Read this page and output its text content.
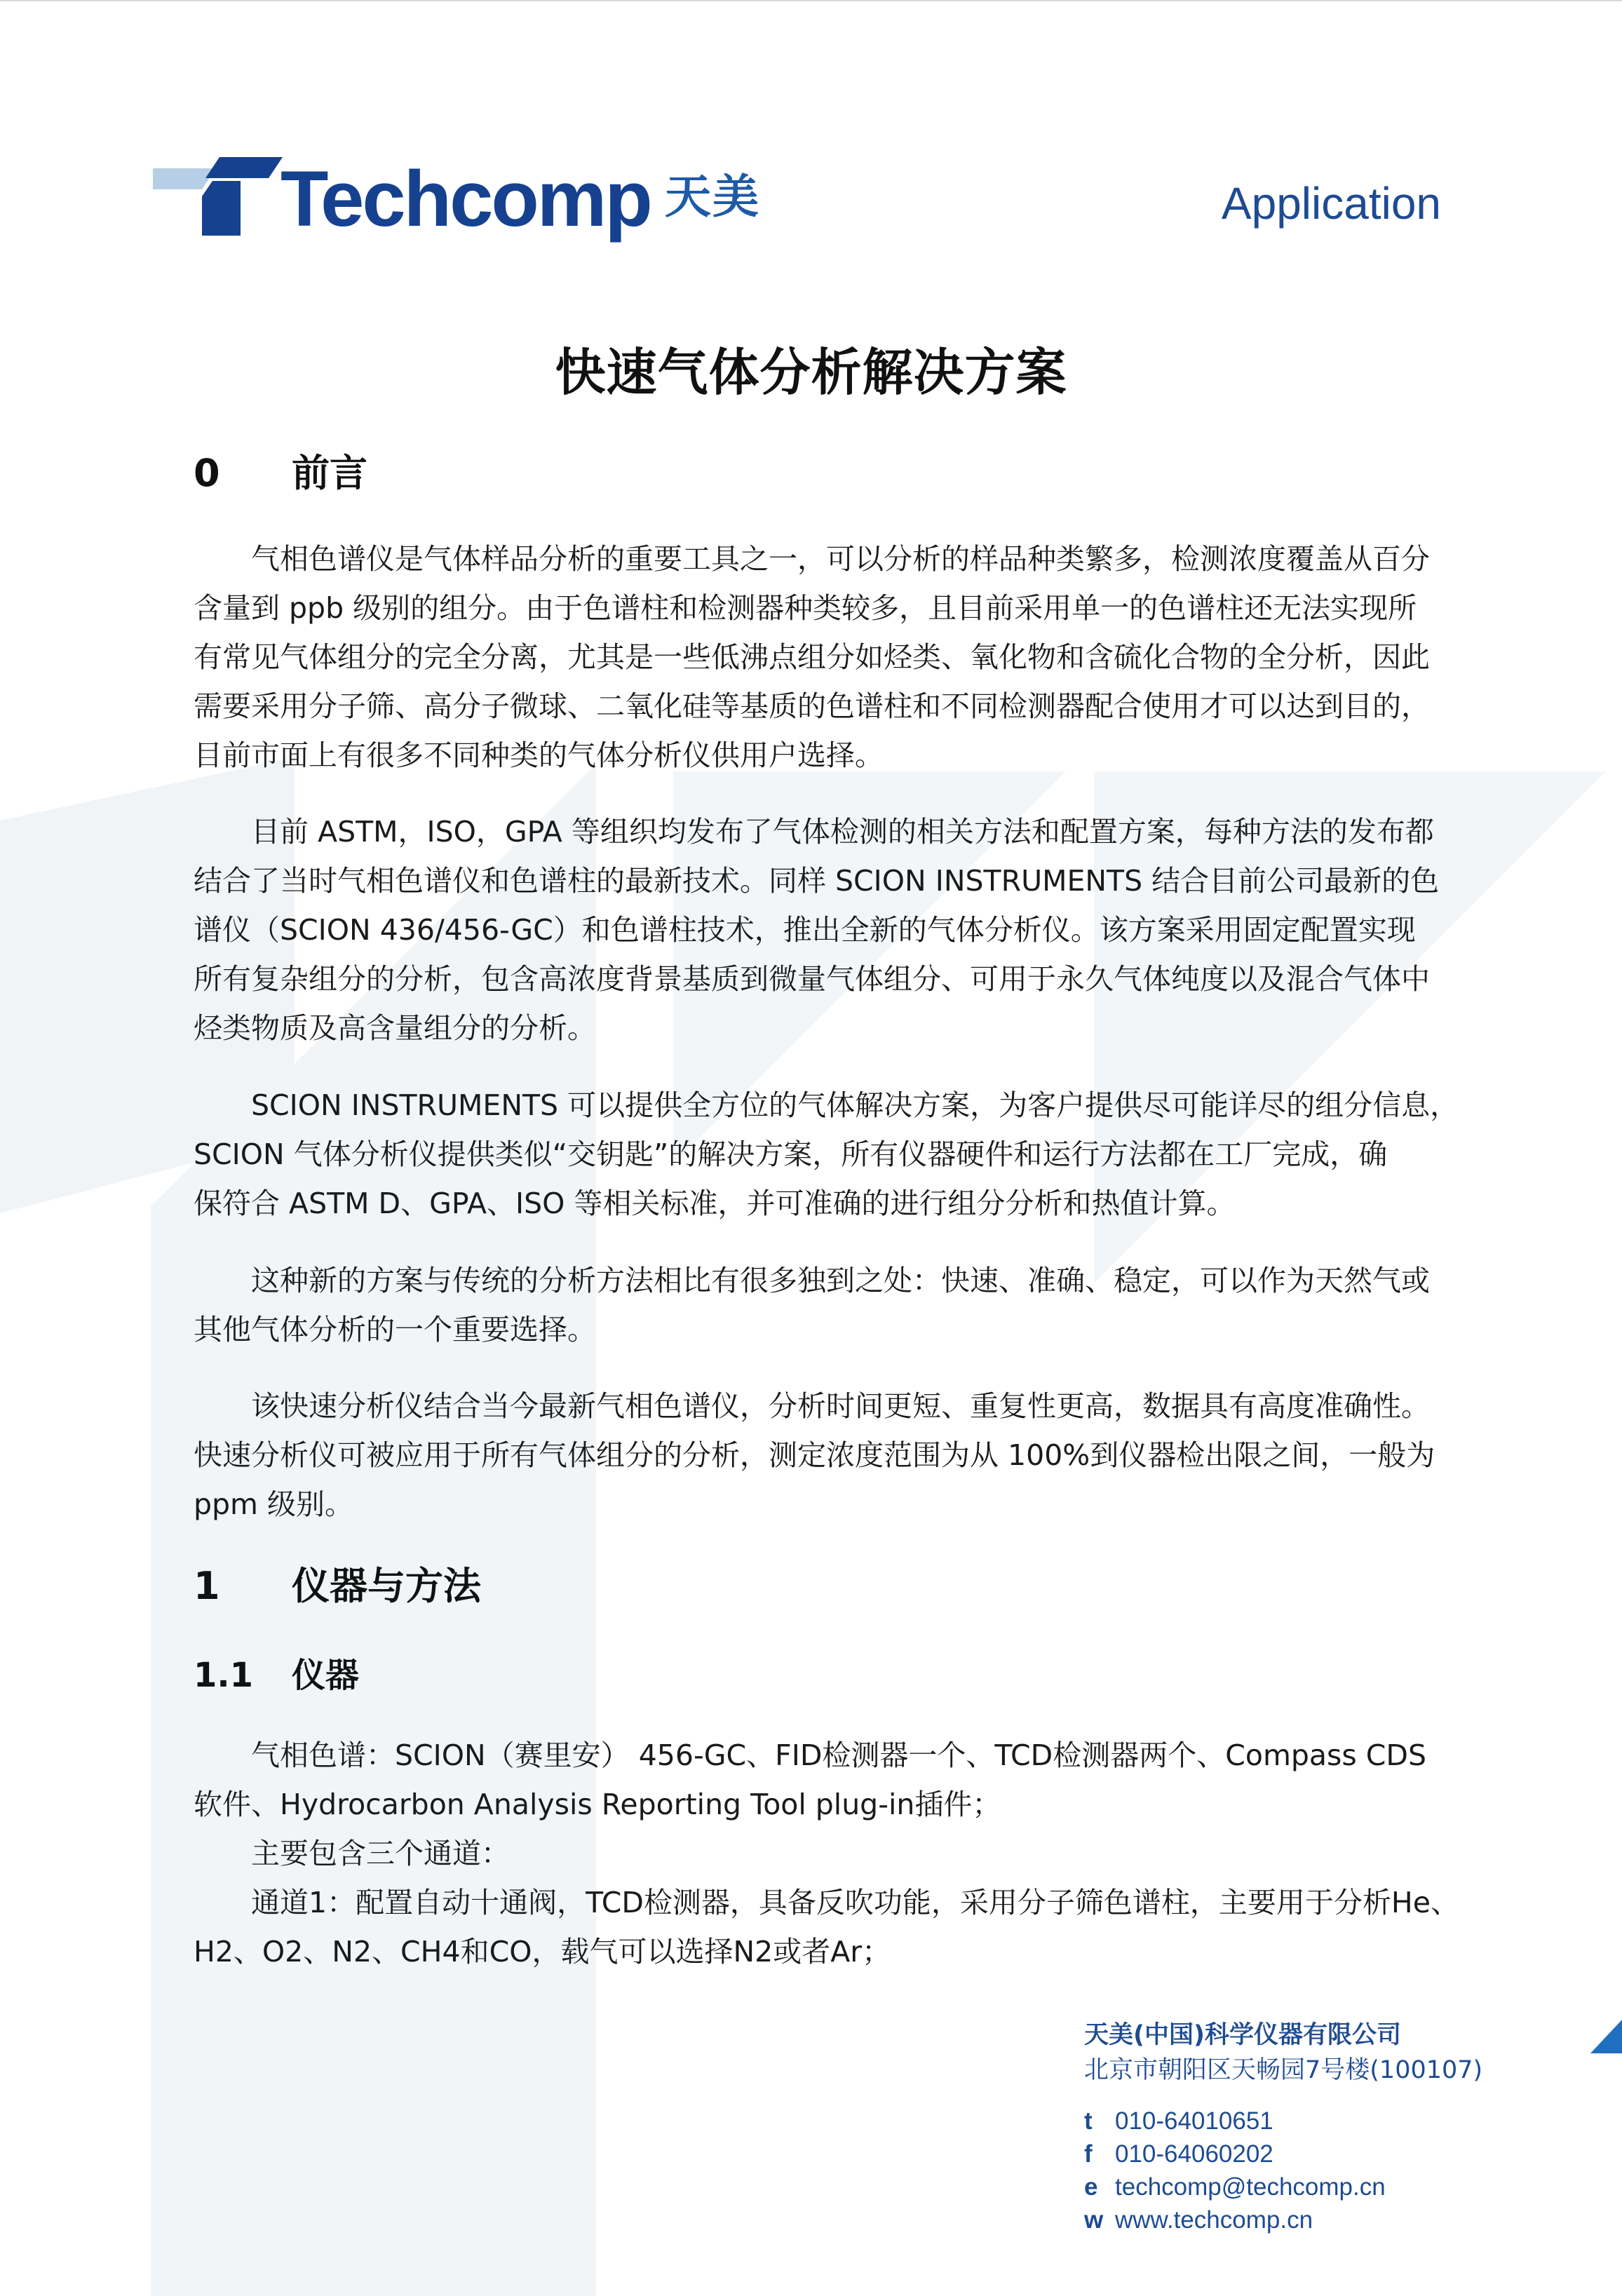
Techcomp 天美	Application
快速气体分析解决方案
0 前言
气相色谱仪是气体样品分析的重要工具之一，可以分析的样品种类繁多，检测浓度覆盖从百分
含量到 ppb 级别的组分。由于色谱柱和检测器种类较多，且目前采用单一的色谱柱还无法实现所
有常见气体组分的完全分离，尤其是一些低沸点组分如烃类、氧化物和含硫化合物的全分析，因此
需要采用分子筛、高分子微球、二氧化硅等基质的色谱柱和不同检测器配合使用才可以达到目的，
目前市面上有很多不同种类的气体分析仪供用户选择。
目前 ASTM，ISO，GPA 等组织均发布了气体检测的相关方法和配置方案，每种方法的发布都
结合了当时气相色谱仪和色谱柱的最新技术。同样 SCION INSTRUMENTS 结合目前公司最新的色
谱仪（SCION 436/456-GC）和色谱柱技术，推出全新的气体分析仪。该方案采用固定配置实现
所有复杂组分的分析，包含高浓度背景基质到微量气体组分、可用于永久气体纯度以及混合气体中
烃类物质及高含量组分的分析。
SCION INSTRUMENTS 可以提供全方位的气体解决方案，为客户提供尽可能详尽的组分信息，
SCION 气体分析仪提供类似“交钥匙”的解决方案，所有仪器硬件和运行方法都在工厂完成，确
保符合 ASTM D、GPA、ISO 等相关标准，并可准确的进行组分分析和热值计算。
这种新的方案与传统的分析方法相比有很多独到之处：快速、准确、稳定，可以作为天然气或
其他气体分析的一个重要选择。
该快速分析仪结合当今最新气相色谱仪，分析时间更短、重复性更高，数据具有高度准确性。
快速分析仪可被应用于所有气体组分的分析，测定浓度范围为从 100%到仪器检出限之间，一般为
ppm 级别。
1 仪器与方法
1.1 仪器
气相色谱：SCION（赛里安） 456-GC、FID检测器一个、TCD检测器两个、Compass CDS
软件、Hydrocarbon Analysis Reporting Tool plug-in插件；
主要包含三个通道：
通道1：配置自动十通阀，TCD检测器，具备反吹功能，采用分子筛色谱柱，主要用于分析He、
H2、O2、N2、CH4和CO，载气可以选择N2或者Ar；
天美(中国)科学仪器有限公司
北京市朝阳区天畅园7号楼(100107)
t 010-64010651
f 010-64060202
e techcomp@techcomp.cn
w www.techcomp.cn
